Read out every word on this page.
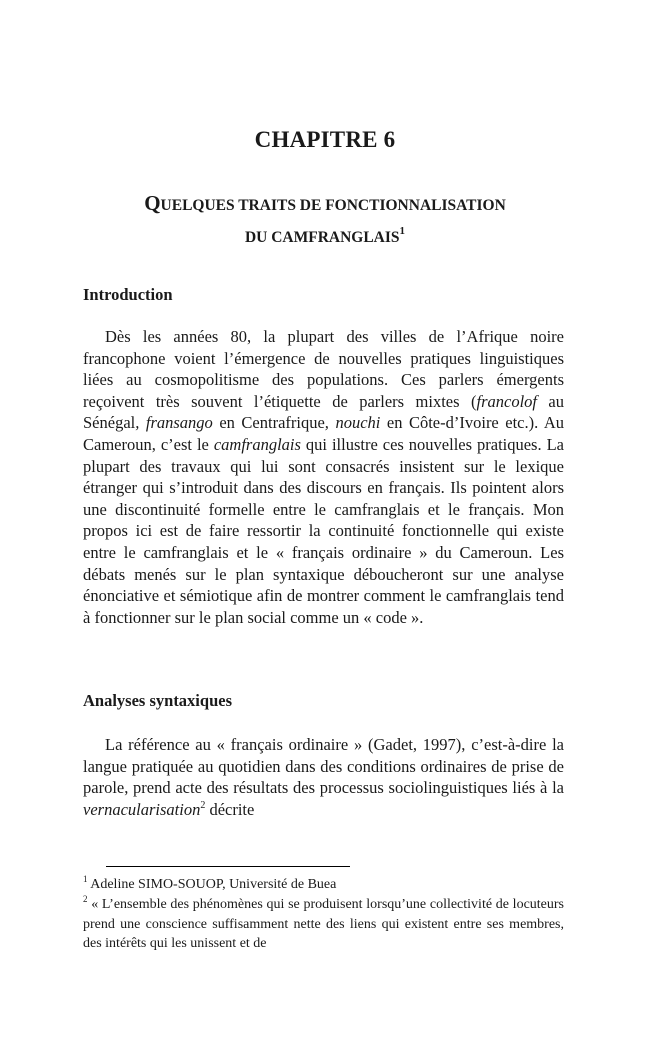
CHAPITRE 6
QUELQUES TRAITS DE FONCTIONNALISATION
DU CAMFRANGLAIS$^1$
Introduction

Dès les années 80, la plupart des villes de l’Afrique noire francophone voient l’émergence de nouvelles pratiques linguistiques liées au cosmopolitisme des populations. Ces parlers émergents reçoivent très souvent l’étiquette de parlers mixtes (francolof au Sénégal, fransango en Centrafrique, nouchi en Côte-d’Ivoire etc.). Au Cameroun, c’est le camfranglais qui illustre ces nouvelles pratiques. La plupart des travaux qui lui sont consacrés insistent sur le lexique étranger qui s’introduit dans des discours en français. Ils pointent alors une discontinuité formelle entre le camfranglais et le français. Mon propos ici est de faire ressortir la continuité fonctionnelle qui existe entre le camfranglais et le « français ordinaire » du Cameroun. Les débats menés sur le plan syntaxique déboucheront sur une analyse énonciative et sémiotique afin de montrer comment le camfranglais tend à fonctionner sur le plan social comme un « code ».

Analyses syntaxiques

La référence au « français ordinaire » (Gadet, 1997), c’est-à-dire la langue pratiquée au quotidien dans des conditions ordinaires de prise de parole, prend acte des résultats des processus sociolinguistiques liés à la vernacularisation$^2$ décrite

$^1$ Adeline SIMO-SOUOP, Université de Buea

$^2$ « L’ensemble des phénomènes qui se produisent lorsqu’une collectivité de locuteurs prend une conscience suffisamment nette des liens qui existent entre ses membres, des intérêts qui les unissent et de
